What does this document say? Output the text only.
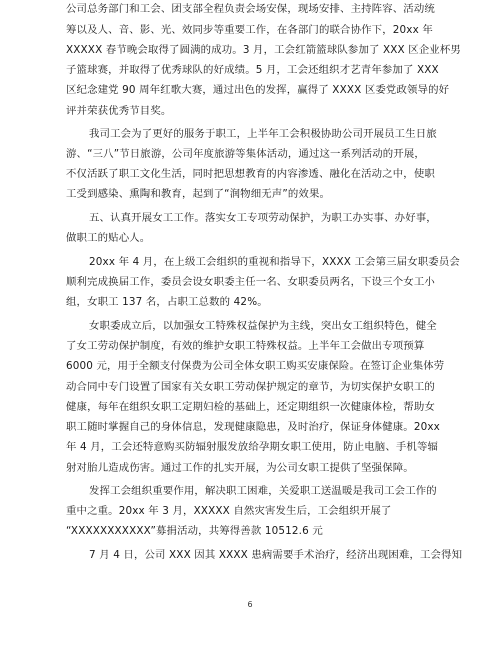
公司总务部门和工会、团支部全程负责会场安保，现场安排、主持阵容、活动统
筹以及人、音、影、光、效同步等重要工作，在各部门的联合协作下，20xx 年
XXXXX 春节晚会取得了圆满的成功。3 月，工会红箭篮球队参加了 XXX 区企业杯男
子篮球赛，并取得了优秀球队的好成绩。5 月，工会还组织才艺青年参加了 XXX
区纪念建党 90 周年红歌大赛，通过出色的发挥，赢得了 XXXX 区委党政领导的好
评并荣获优秀节目奖。
我司工会为了更好的服务于职工，上半年工会积极协助公司开展员工生日旅
游、“三八”节日旅游，公司年度旅游等集体活动，通过这一系列活动的开展，
不仅活跃了职工文化生活，同时把思想教育的内容渗透、融化在活动之中，使职
工受到感染、熏陶和教育，起到了“润物细无声”的效果。
五、认真开展女工工作。落实女工专项劳动保护，为职工办实事、办好事，
做职工的贴心人。
20xx 年 4 月，在上级工会组织的重视和指导下，XXXX 工会第三届女职委员会
顺利完成换届工作，委员会设女职委主任一名、女职委员两名，下设三个女工小
组，女职工 137 名，占职工总数的 42%。
女职委成立后，以加强女工特殊权益保护为主线，突出女工组织特色，健全
了女工劳动保护制度，有效的维护女职工特殊权益。上半年工会做出专项预算
6000 元，用于全额支付保费为公司全体女职工购买安康保险。在签订企业集体劳
动合同中专门设置了国家有关女职工劳动保护规定的章节，为切实保护女职工的
健康，每年在组织女职工定期妇检的基础上，还定期组织一次健康体检，帮助女
职工随时掌握自己的身体信息，发现健康隐患，及时治疗，保证身体健康。20xx
年 4 月，工会还特意购买防辐射服发放给孕期女职工使用，防止电脑、手机等辐
射对胎儿造成伤害。通过工作的扎实开展，为公司女职工提供了坚强保障。
发挥工会组织重要作用，解决职工困难，关爱职工送温暖是我司工会工作的
重中之重。20xx 年 3 月，XXXXX 自然灾害发生后，工会组织开展了
“XXXXXXXXXXX”募捐活动，共筹得善款 10512.6 元
7 月 4 日，公司 XXX 因其 XXXX 患病需要手术治疗，经济出现困难，工会得知
6
